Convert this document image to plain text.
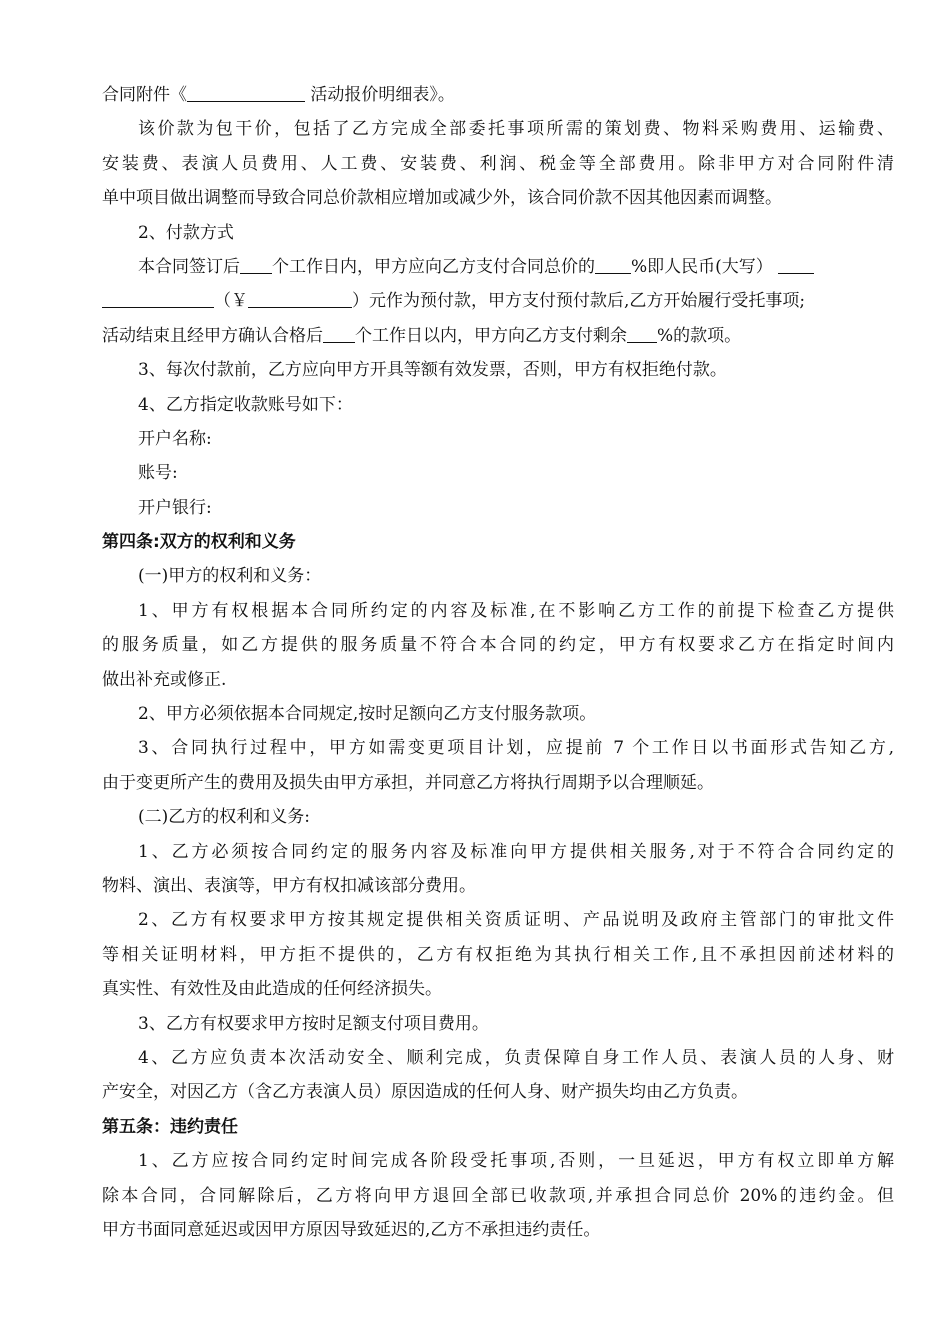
合同附件《	活动报价明细表》。
该价款为包干价，包括了乙方完成全部委托事项所需的策划费、物料采购费用、运输费、
安装费、表演人员费用、人工费、安装费、利润、税金等全部费用。除非甲方对合同附件清
单中项目做出调整而导致合同总价款相应增加或减少外，该合同价款不因其他因素而调整。
2、付款方式
本合同签订后 个工作日内，甲方应向乙方支付合同总价的 %即人民币(大写）
（￥	）元作为预付款，甲方支付预付款后,乙方开始履行受托事项;
活动结束且经甲方确认合格后 个工作日以内，甲方向乙方支付剩余 %的款项。
3、每次付款前，乙方应向甲方开具等额有效发票，否则，甲方有权拒绝付款。
4、乙方指定收款账号如下：
开户名称:
账号:
开户银行:
第四条:双方的权利和义务
(一)甲方的权利和义务：
1、甲方有权根据本合同所约定的内容及标准,在不影响乙方工作的前提下检查乙方提供
的服务质量，如乙方提供的服务质量不符合本合同的约定，甲方有权要求乙方在指定时间内
做出补充或修正.
2、甲方必须依据本合同规定,按时足额向乙方支付服务款项。
3、合同执行过程中，甲方如需变更项目计划，应提前 7 个工作日以书面形式告知乙方,
由于变更所产生的费用及损失由甲方承担，并同意乙方将执行周期予以合理顺延。
(二)乙方的权利和义务:
1、乙方必须按合同约定的服务内容及标准向甲方提供相关服务,对于不符合合同约定的
物料、演出、表演等，甲方有权扣减该部分费用。
2、乙方有权要求甲方按其规定提供相关资质证明、产品说明及政府主管部门的审批文件
等相关证明材料，甲方拒不提供的，乙方有权拒绝为其执行相关工作,且不承担因前述材料的
真实性、有效性及由此造成的任何经济损失。
3、乙方有权要求甲方按时足额支付项目费用。
4、乙方应负责本次活动安全、顺利完成，负责保障自身工作人员、表演人员的人身、财
产安全，对因乙方（含乙方表演人员）原因造成的任何人身、财产损失均由乙方负责。
第五条：违约责任
1、乙方应按合同约定时间完成各阶段受托事项,否则，一旦延迟，甲方有权立即单方解
除本合同，合同解除后，乙方将向甲方退回全部已收款项,并承担合同总价 20%的违约金。但
甲方书面同意延迟或因甲方原因导致延迟的,乙方不承担违约责任。
